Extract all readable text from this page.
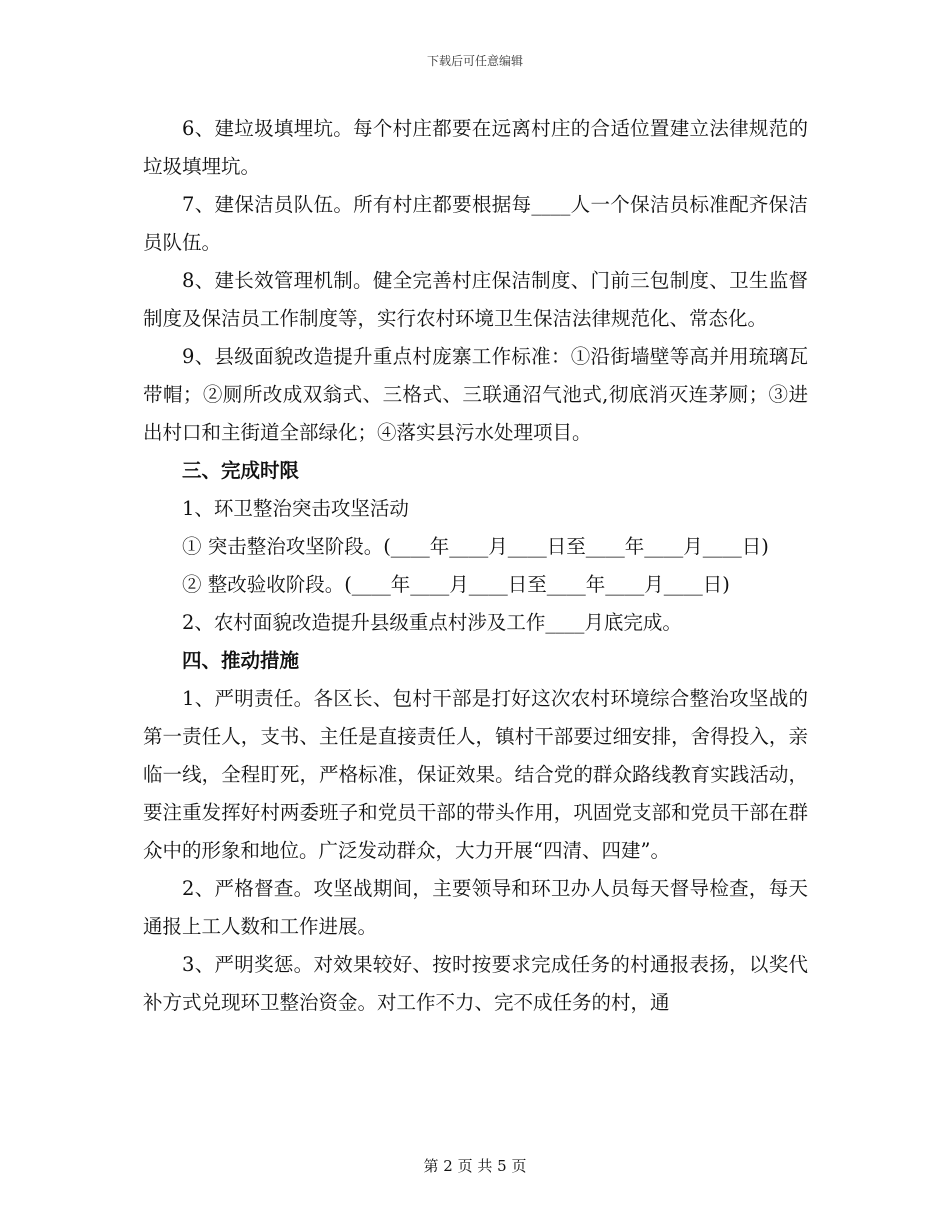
下载后可任意编辑

6、建垃圾填埋坑。每个村庄都要在远离村庄的合适位置建立法律规范的垃圾填埋坑。

7、建保洁员队伍。所有村庄都要根据每____人一个保洁员标准配齐保洁员队伍。

8、建长效管理机制。健全完善村庄保洁制度、门前三包制度、卫生监督制度及保洁员工作制度等，实行农村环境卫生保洁法律规范化、常态化。

9、县级面貌改造提升重点村庞寨工作标准：①沿街墙壁等高并用琉璃瓦带帽；②厕所改成双翁式、三格式、三联通沼气池式,彻底消灭连茅厕；③进出村口和主街道全部绿化；④落实县污水处理项目。

三、完成时限

1、环卫整治突击攻坚活动

① 突击整治攻坚阶段。(____年____月____日至____年____月____日)

② 整改验收阶段。(____年____月____日至____年____月____日)

2、农村面貌改造提升县级重点村涉及工作____月底完成。

四、推动措施

1、严明责任。各区长、包村干部是打好这次农村环境综合整治攻坚战的第一责任人，支书、主任是直接责任人，镇村干部要过细安排，舍得投入，亲临一线，全程盯死，严格标准，保证效果。结合党的群众路线教育实践活动，要注重发挥好村两委班子和党员干部的带头作用，巩固党支部和党员干部在群众中的形象和地位。广泛发动群众，大力开展“四清、四建”。

2、严格督查。攻坚战期间，主要领导和环卫办人员每天督导检查，每天通报上工人数和工作进展。

3、严明奖惩。对效果较好、按时按要求完成任务的村通报表扬，以奖代补方式兑现环卫整治资金。对工作不力、完不成任务的村，通

第 2 页 共 5 页
